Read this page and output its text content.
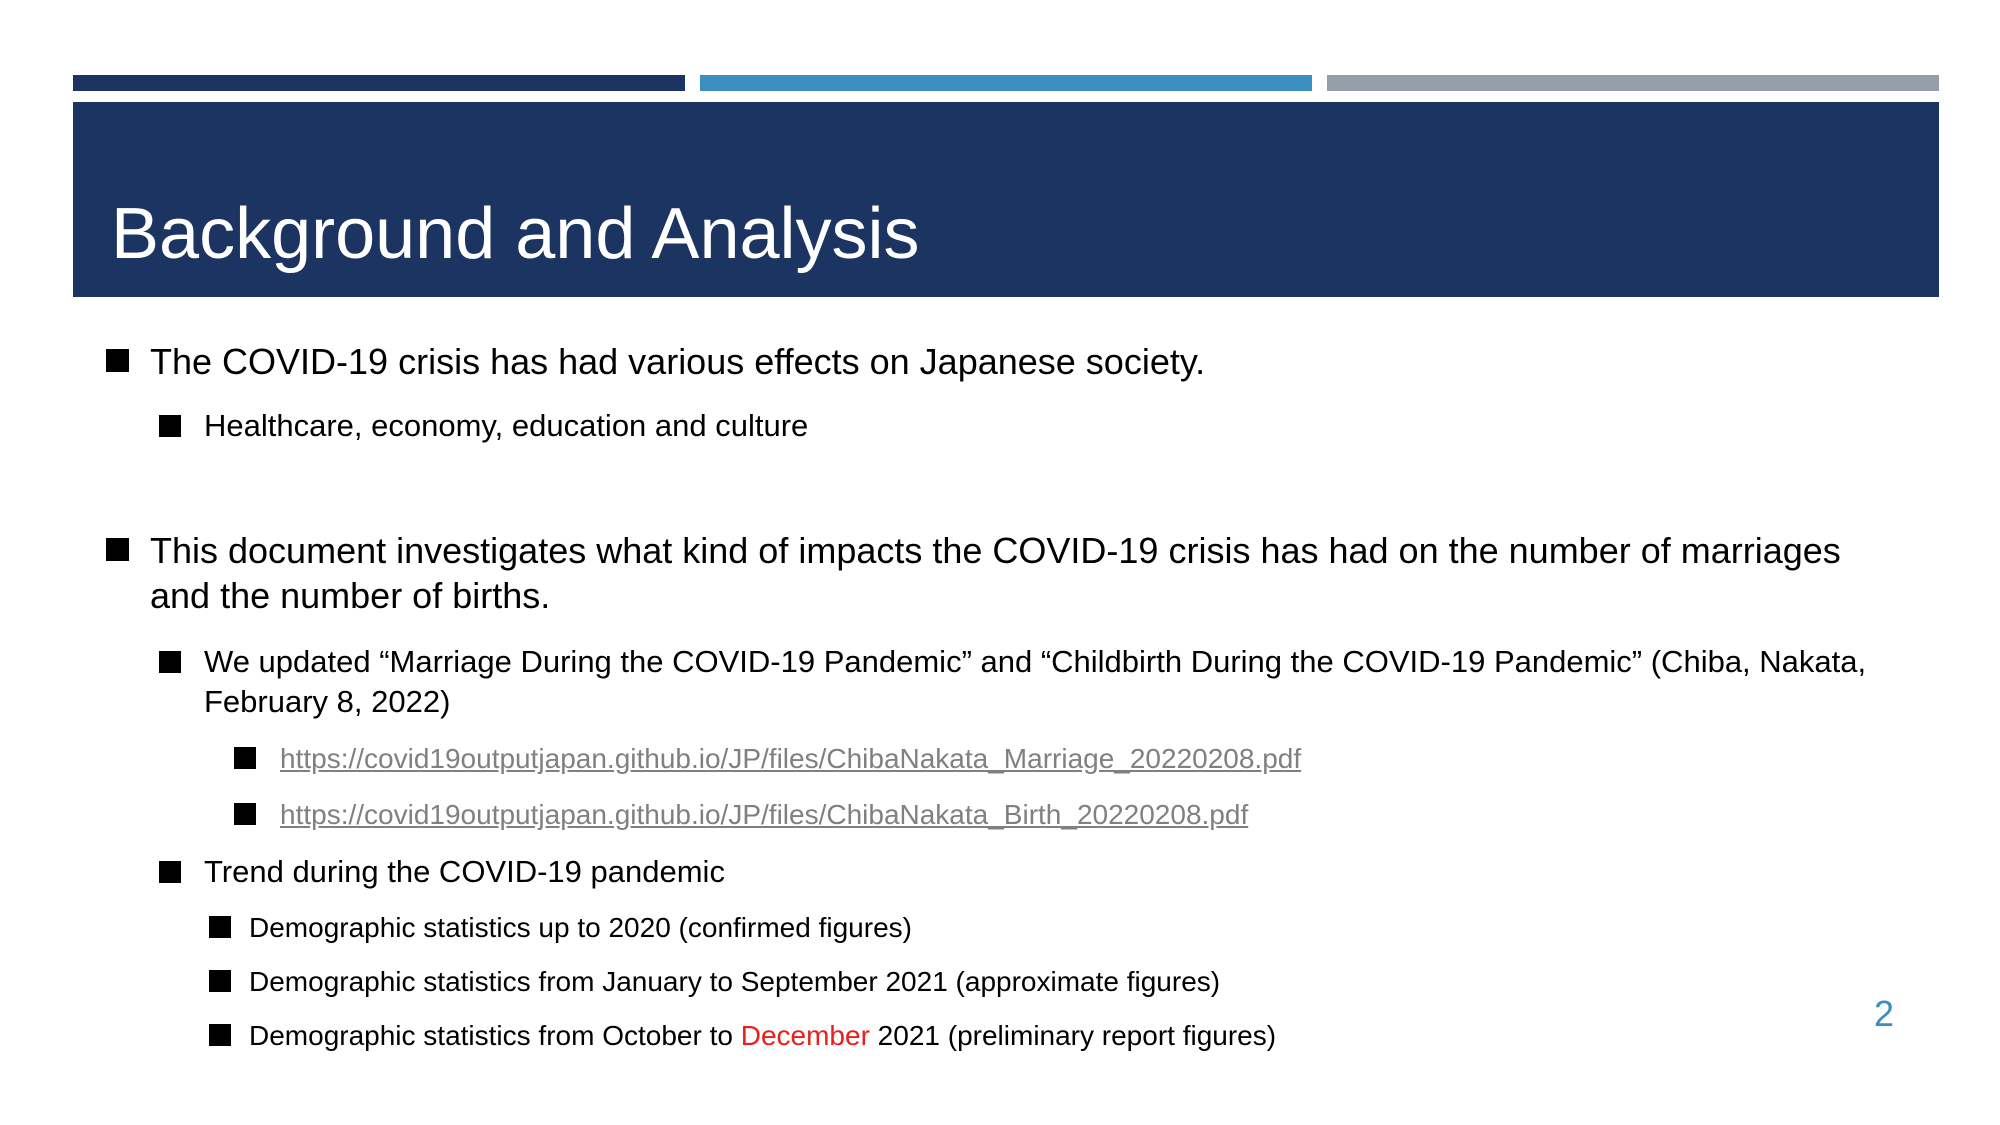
Background and Analysis
The COVID-19 crisis has had various effects on Japanese society.
Healthcare, economy, education and culture
This document investigates what kind of impacts the COVID-19 crisis has had on the number of marriages and the number of births.
We updated “Marriage During the COVID-19 Pandemic” and “Childbirth During the COVID-19 Pandemic” (Chiba, Nakata, February 8, 2022)
https://covid19outputjapan.github.io/JP/files/ChibaNakata_Marriage_20220208.pdf
https://covid19outputjapan.github.io/JP/files/ChibaNakata_Birth_20220208.pdf
Trend during the COVID-19 pandemic
Demographic statistics up to 2020 (confirmed figures)
Demographic statistics from January to September 2021 (approximate figures)
Demographic statistics from October to December 2021 (preliminary report figures)
2
